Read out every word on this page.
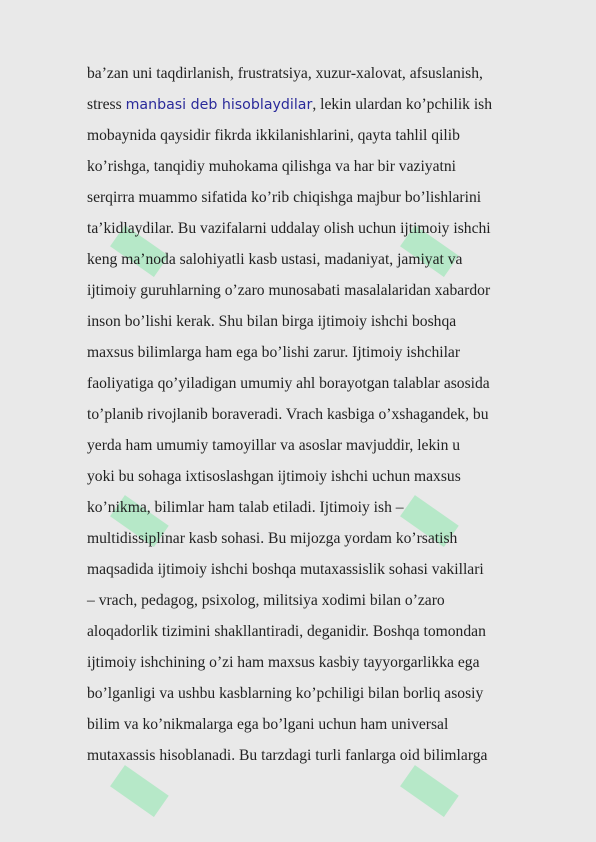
▮	▮
▮	▮
▮	▮
ba’zan uni taqdirlanish, frustratsiya, xuzur-xalovat, afsuslanish,
stress manbasi deb hisoblaydilar, lekin ulardan ko’pchilik ish
mobaynida qaysidir fikrda ikkilanishlarini, qayta tahlil qilib
ko’rishga, tanqidiy muhokama qilishga va har bir vaziyatni
serqirra muammo sifatida ko’rib chiqishga majbur bo’lishlarini
ta’kidlaydilar. Bu vazifalarni uddalay olish uchun ijtimoiy ishchi
keng ma’noda salohiyatli kasb ustasi, madaniyat, jamiyat va
ijtimoiy guruhlarning o’zaro munosabati masalalaridan xabardor
inson bo’lishi kerak. Shu bilan birga ijtimoiy ishchi boshqa
maxsus bilimlarga ham ega bo’lishi zarur. Ijtimoiy ishchilar
faoliyatiga qo’yiladigan umumiy ahl borayotgan talablar asosida
to’planib rivojlanib boraveradi. Vrach kasbiga o’xshagandek, bu
yerda ham umumiy tamoyillar va asoslar mavjuddir, lekin u
yoki bu sohaga ixtisoslashgan ijtimoiy ishchi uchun maxsus
ko’nikma, bilimlar ham talab etiladi. Ijtimoiy ish –
multidissiplinar kasb sohasi. Bu mijozga yordam ko’rsatish
maqsadida ijtimoiy ishchi boshqa mutaxassislik sohasi vakillari
– vrach, pedagog, psixolog, militsiya xodimi bilan o’zaro
aloqadorlik tizimini shakllantiradi, deganidir. Boshqa tomondan
ijtimoiy ishchining o’zi ham maxsus kasbiy tayyorgarlikka ega
bo’lganligi va ushbu kasblarning ko’pchiligi bilan borliq asosiy
bilim va ko’nikmalarga ega bo’lgani uchun ham universal
mutaxassis hisoblanadi. Bu tarzdagi turli fanlarga oid bilimlarga
